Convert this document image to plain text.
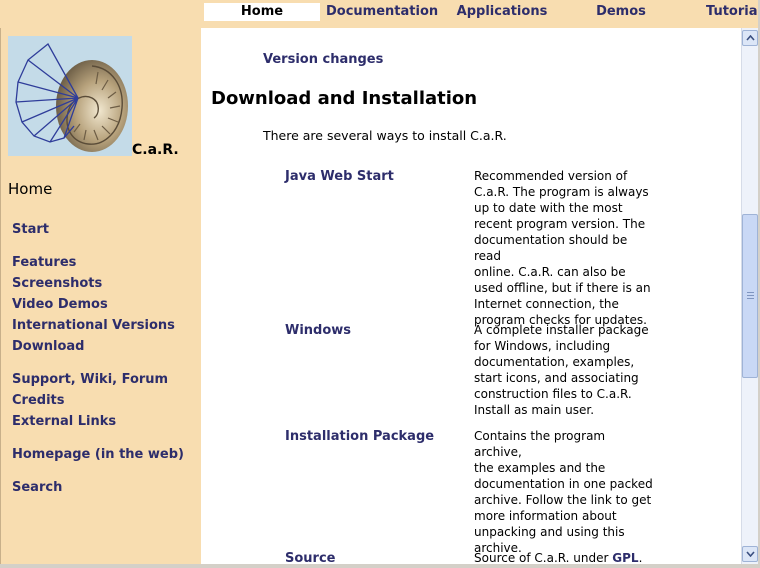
Home	Documentation	Applications	Demos	Tutoria
C.a.R.
Home
Start
Features
Screenshots
Video Demos
International Versions
Download
Support, Wiki, Forum
Credits
External Links
Homepage (in the web)
Search
Version changes
Download and Installation
There are several ways to install C.a.R.
Java Web Start	Recommended version of
C.a.R. The program is always
up to date with the most
recent program version. The
documentation should be read
online. C.a.R. can also be
used offline, but if there is an
Internet connection, the
program checks for updates.
Windows	A complete installer package
for Windows, including
documentation, examples,
start icons, and associating
construction files to C.a.R.
Install as main user.
Installation Package	Contains the program archive,
the examples and the
documentation in one packed
archive. Follow the link to get
more information about
unpacking and using this
archive.
Source	Source of C.a.R. under GPL.
